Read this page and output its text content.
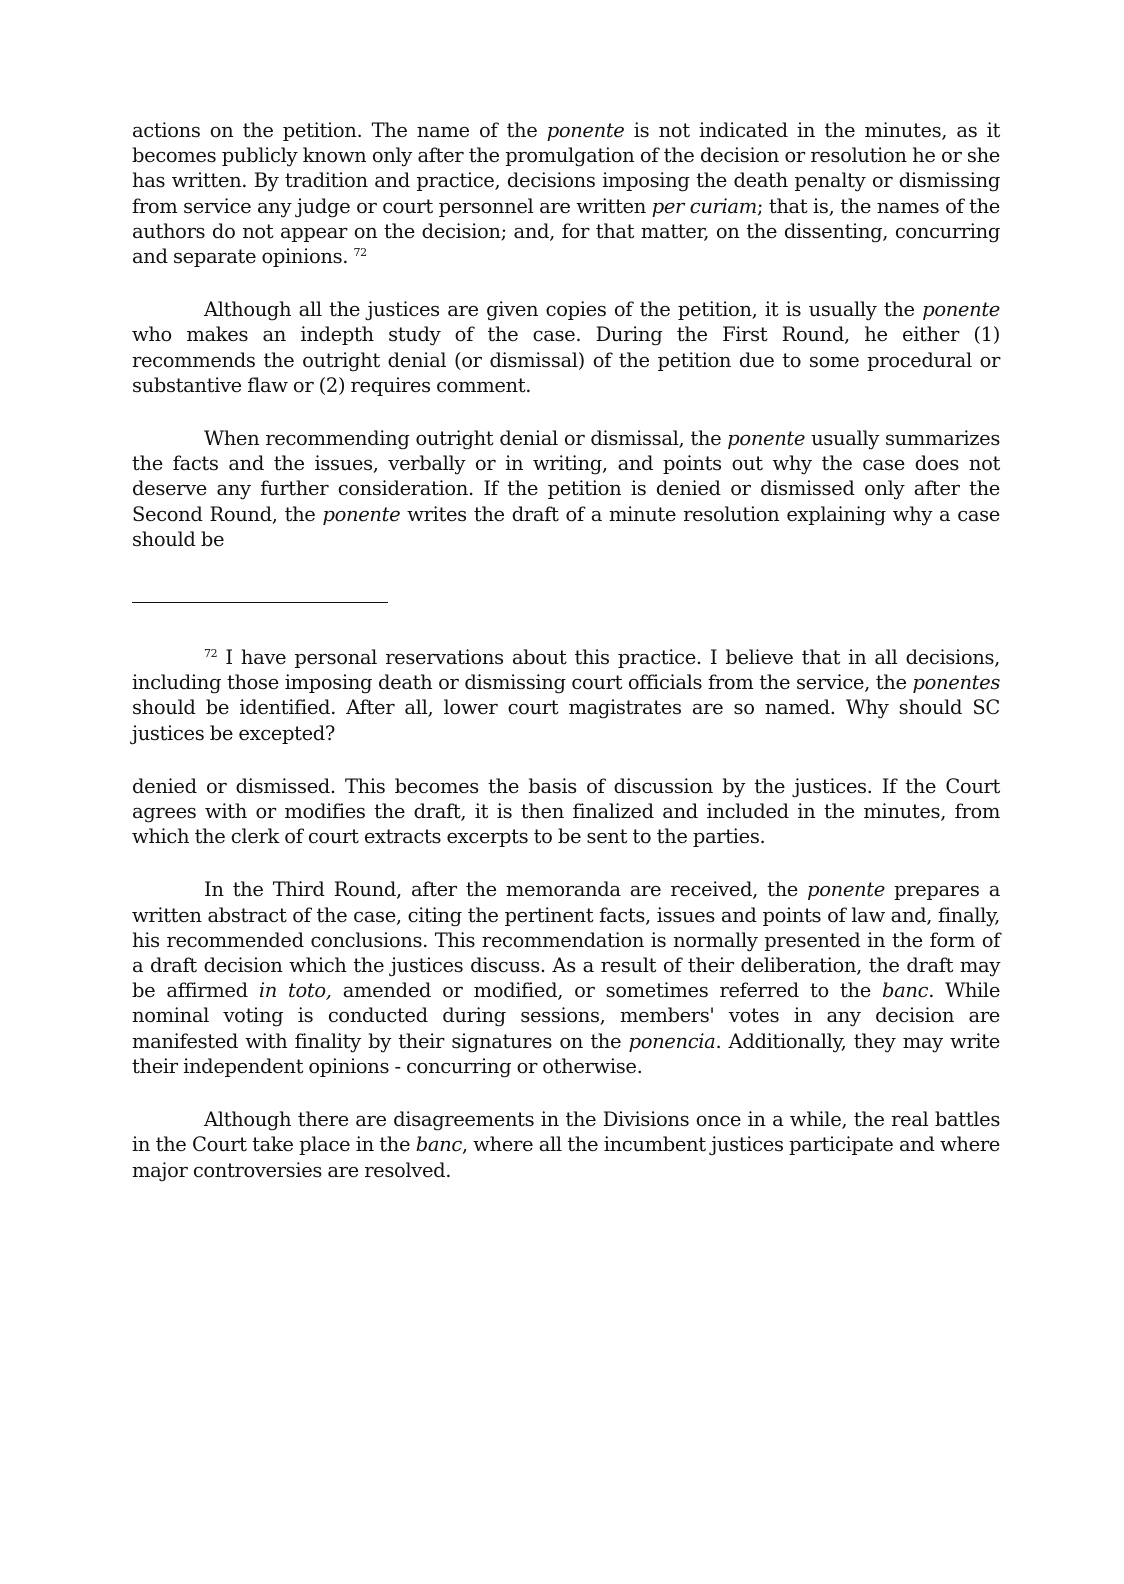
actions on the petition. The name of the ponente is not indicated in the minutes, as it becomes publicly known only after the promulgation of the decision or resolution he or she has written. By tradition and practice, decisions imposing the death penalty or dismissing from service any judge or court personnel are written per curiam; that is, the names of the authors do not appear on the decision; and, for that matter, on the dissenting, concurring and separate opinions. $^{72}$

Although all the justices are given copies of the petition, it is usually the ponente who makes an indepth study of the case. During the First Round, he either (1) recommends the outright denial (or dismissal) of the petition due to some procedural or substantive flaw or (2) requires comment.

When recommending outright denial or dismissal, the ponente usually summarizes the facts and the issues, verbally or in writing, and points out why the case does not deserve any further consideration. If the petition is denied or dismissed only after the Second Round, the ponente writes the draft of a minute resolution explaining why a case should be

$^{72}$ I have personal reservations about this practice. I believe that in all decisions, including those imposing death or dismissing court officials from the service, the ponentes should be identified. After all, lower court magistrates are so named. Why should SC justices be excepted?

denied or dismissed. This becomes the basis of discussion by the justices. If the Court agrees with or modifies the draft, it is then finalized and included in the minutes, from which the clerk of court extracts excerpts to be sent to the parties.

In the Third Round, after the memoranda are received, the ponente prepares a written abstract of the case, citing the pertinent facts, issues and points of law and, finally, his recommended conclusions. This recommendation is normally presented in the form of a draft decision which the justices discuss. As a result of their deliberation, the draft may be affirmed in toto, amended or modified, or sometimes referred to the banc. While nominal voting is conducted during sessions, members' votes in any decision are manifested with finality by their signatures on the ponencia. Additionally, they may write their independent opinions - concurring or otherwise.

Although there are disagreements in the Divisions once in a while, the real battles in the Court take place in the banc, where all the incumbent justices participate and where major controversies are resolved.
